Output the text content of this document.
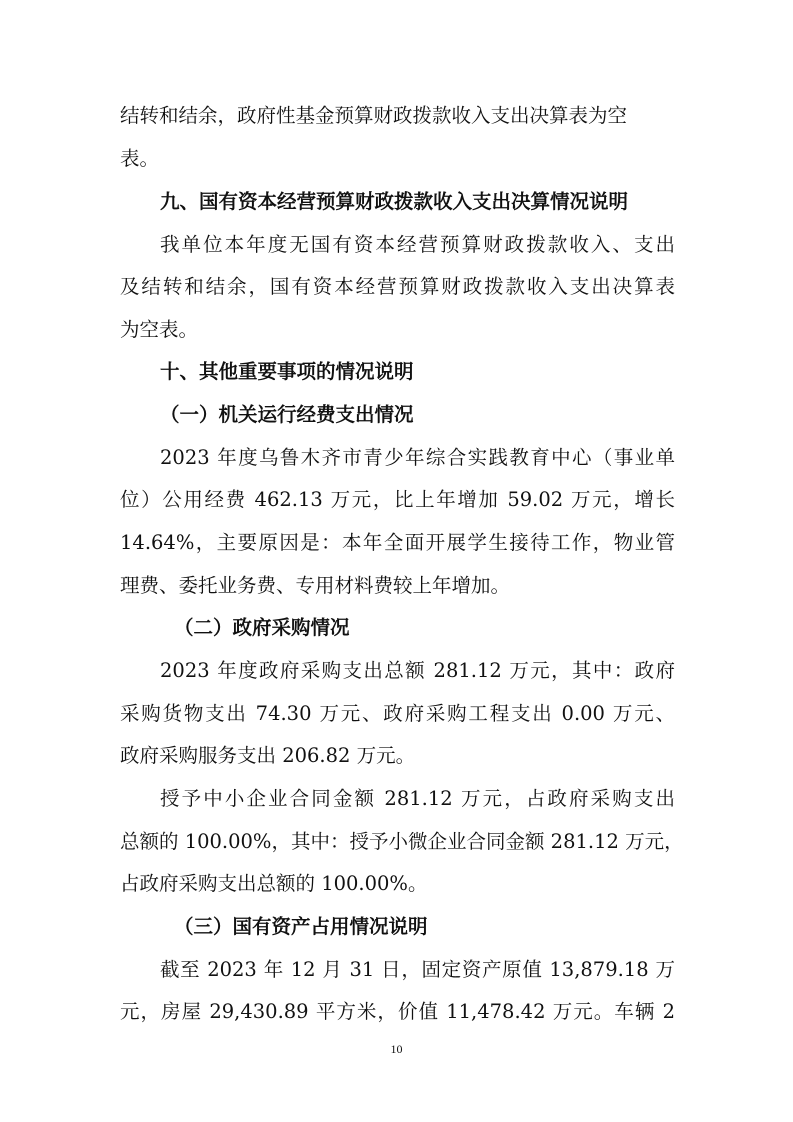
结转和结余，政府性基金预算财政拨款收入支出决算表为空
表。
九、国有资本经营预算财政拨款收入支出决算情况说明
我单位本年度无国有资本经营预算财政拨款收入、支出
及结转和结余，国有资本经营预算财政拨款收入支出决算表
为空表。
十、其他重要事项的情况说明
（一）机关运行经费支出情况
2023 年度乌鲁木齐市青少年综合实践教育中心（事业单
位）公用经费 462.13 万元，比上年增加 59.02 万元，增长
14.64%，主要原因是：本年全面开展学生接待工作，物业管
理费、委托业务费、专用材料费较上年增加。
（二）政府采购情况
2023 年度政府采购支出总额 281.12 万元，其中：政府
采购货物支出 74.30 万元、政府采购工程支出 0.00 万元、
政府采购服务支出 206.82 万元。
授予中小企业合同金额 281.12 万元，占政府采购支出
总额的 100.00%，其中：授予小微企业合同金额 281.12 万元，
占政府采购支出总额的 100.00%。
（三）国有资产占用情况说明
截至 2023 年 12 月 31 日，固定资产原值 13,879.18 万
元，房屋 29,430.89 平方米，价值 11,478.42 万元。车辆 2
10
